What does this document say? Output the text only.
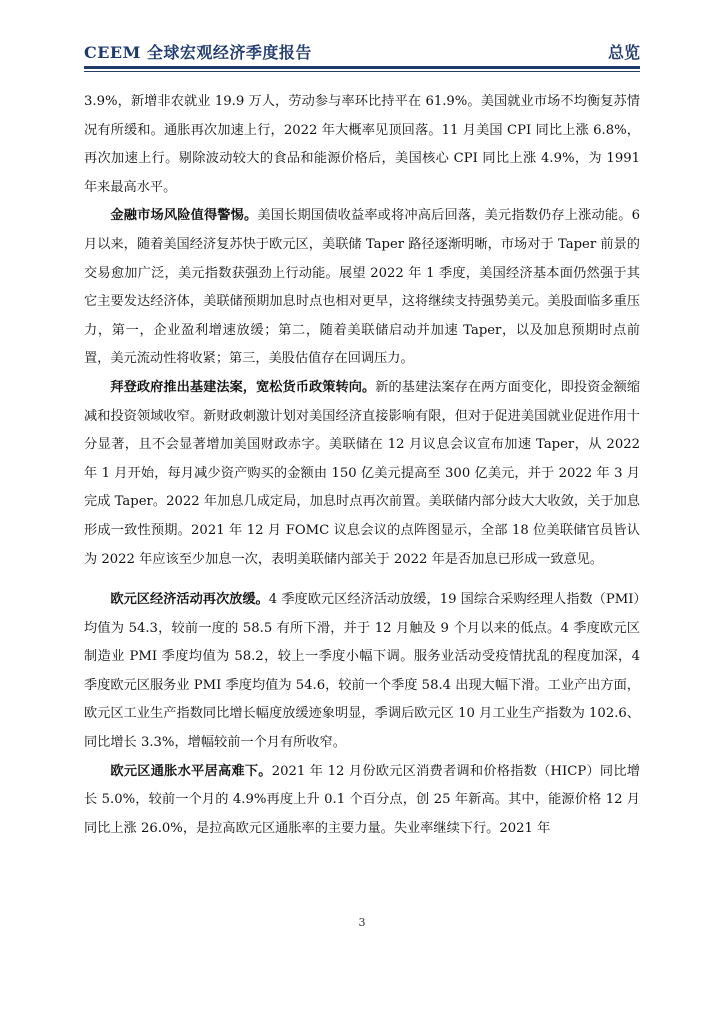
CEEM 全球宏观经济季度报告	总览

3.9%，新增非农就业 19.9 万人，劳动参与率环比持平在 61.9%。美国就业市场不均衡复苏情况有所缓和。通胀再次加速上行，2022 年大概率见顶回落。11 月美国 CPI 同比上涨 6.8%，再次加速上行。剔除波动较大的食品和能源价格后，美国核心 CPI 同比上涨 4.9%，为 1991 年来最高水平。

金融市场风险值得警惕。美国长期国债收益率或将冲高后回落，美元指数仍存上涨动能。6 月以来，随着美国经济复苏快于欧元区，美联储 Taper 路径逐渐明晰，市场对于 Taper 前景的交易愈加广泛，美元指数获强劲上行动能。展望 2022 年 1 季度，美国经济基本面仍然强于其它主要发达经济体，美联储预期加息时点也相对更早，这将继续支持强势美元。美股面临多重压力，第一，企业盈利增速放缓；第二，随着美联储启动并加速 Taper，以及加息预期时点前置，美元流动性将收紧；第三，美股估值存在回调压力。

拜登政府推出基建法案，宽松货币政策转向。新的基建法案存在两方面变化，即投资金额缩减和投资领域收窄。新财政刺激计划对美国经济直接影响有限，但对于促进美国就业促进作用十分显著，且不会显著增加美国财政赤字。美联储在 12 月议息会议宣布加速 Taper，从 2022 年 1 月开始，每月减少资产购买的金额由 150 亿美元提高至 300 亿美元，并于 2022 年 3 月完成 Taper。2022 年加息几成定局，加息时点再次前置。美联储内部分歧大大收敛，关于加息形成一致性预期。2021 年 12 月 FOMC 议息会议的点阵图显示，全部 18 位美联储官员皆认为 2022 年应该至少加息一次，表明美联储内部关于 2022 年是否加息已形成一致意见。

欧元区经济活动再次放缓。4 季度欧元区经济活动放缓，19 国综合采购经理人指数（PMI）均值为 54.3，较前一度的 58.5 有所下滑，并于 12 月触及 9 个月以来的低点。4 季度欧元区制造业 PMI 季度均值为 58.2，较上一季度小幅下调。服务业活动受疫情扰乱的程度加深，4 季度欧元区服务业 PMI 季度均值为 54.6，较前一个季度 58.4 出现大幅下滑。工业产出方面，欧元区工业生产指数同比增长幅度放缓迹象明显，季调后欧元区 10 月工业生产指数为 102.6、同比增长 3.3%，增幅较前一个月有所收窄。

欧元区通胀水平居高难下。2021 年 12 月份欧元区消费者调和价格指数（HICP）同比增长 5.0%，较前一个月的 4.9%再度上升 0.1 个百分点，创 25 年新高。其中，能源价格 12 月同比上涨 26.0%，是拉高欧元区通胀率的主要力量。失业率继续下行。2021 年

3
